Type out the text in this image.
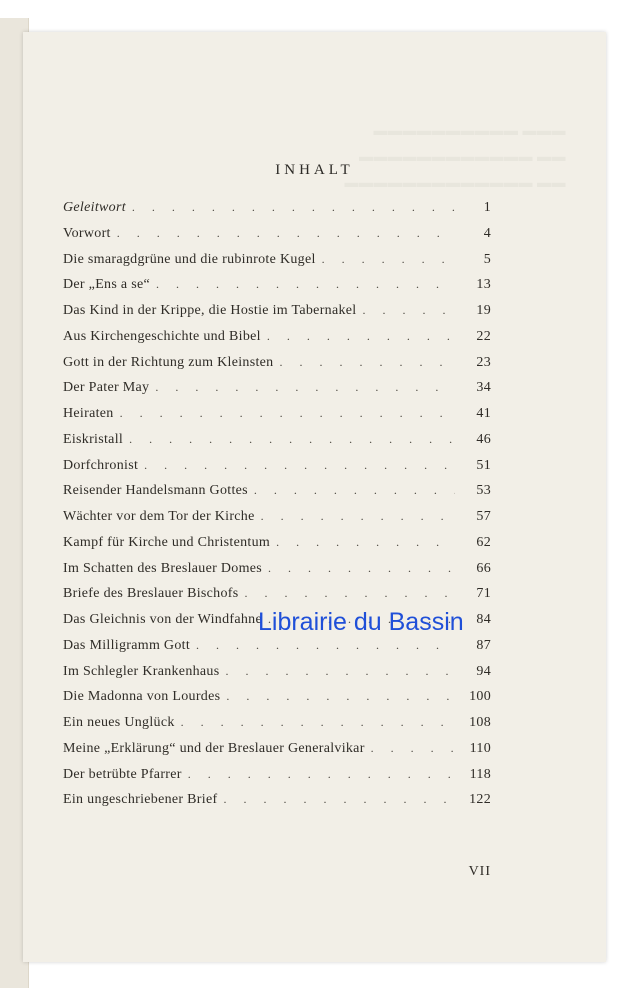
▬▬▬▬▬▬▬▬▬▬ ▬▬▬
▬▬▬▬▬▬▬▬▬▬▬▬ ▬▬
▬▬▬▬▬▬▬▬▬▬▬▬▬ ▬▬
INHALT
Geleitwort . . .	1
Vorwort . . .	4
Die smaragdgrüne und die rubinrote Kugel . . .	5
Der „Ens a se“ . . .	13
Das Kind in der Krippe, die Hostie im Tabernakel . . .	19
Aus Kirchengeschichte und Bibel . . .	22
Gott in der Richtung zum Kleinsten . . .	23
Der Pater May . . .	34
Heiraten . . .	41
Eiskristall . . .	46
Dorfchronist . . .	51
Reisender Handelsmann Gottes . . .	53
Wächter vor dem Tor der Kirche . . .	57
Kampf für Kirche und Christentum . . .	62
Im Schatten des Breslauer Domes . . .	66
Briefe des Breslauer Bischofs . . .	71
Das Gleichnis von der Windfahne . . .	84
Das Milligramm Gott . . .	87
Im Schlegler Krankenhaus . . .	94
Die Madonna von Lourdes . . .	100
Ein neues Unglück . . .	108
Meine „Erklärung“ und der Breslauer Generalvikar . . .	110
Der betrübte Pfarrer . . .	118
Ein ungeschriebener Brief . . .	122
VII
Librairie du Bassin
